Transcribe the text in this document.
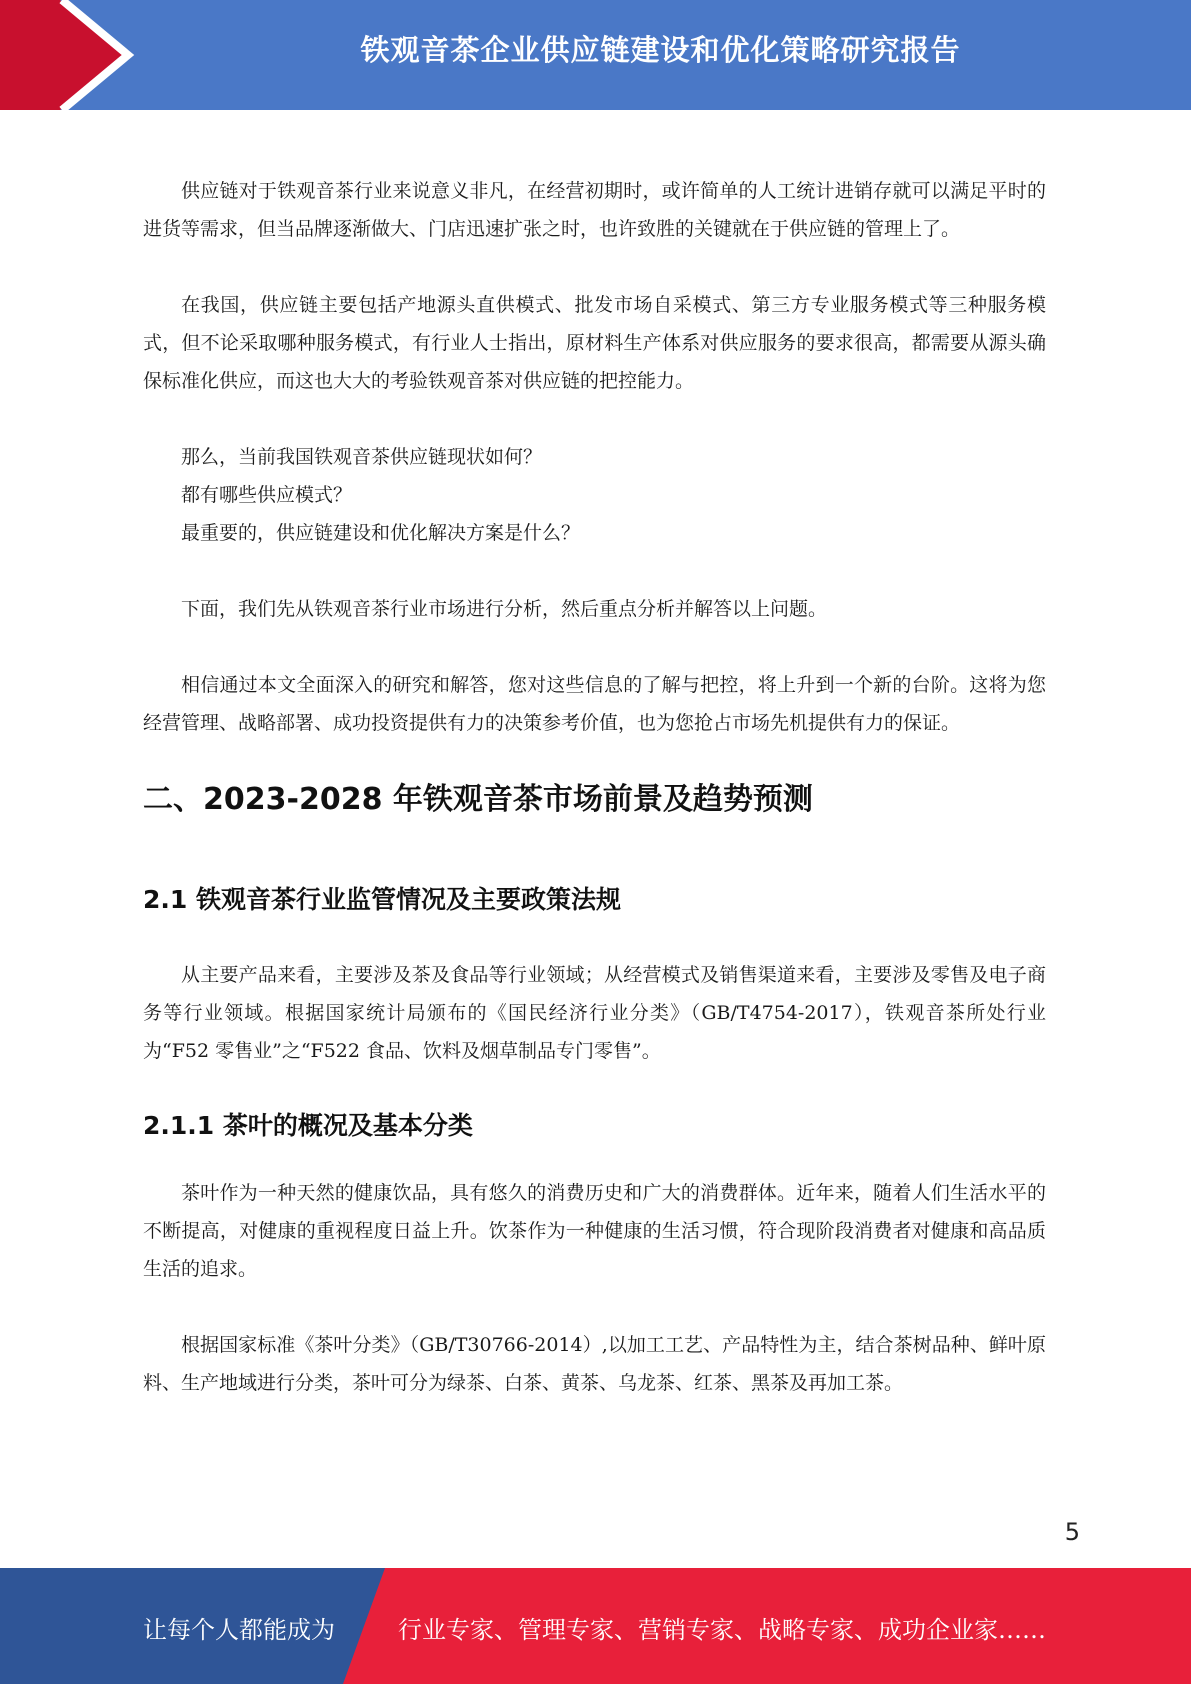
铁观音茶企业供应链建设和优化策略研究报告

供应链对于铁观音茶行业来说意义非凡，在经营初期时，或许简单的人工统计进销存就可以满足平时的进货等需求，但当品牌逐渐做大、门店迅速扩张之时，也许致胜的关键就在于供应链的管理上了。

在我国，供应链主要包括产地源头直供模式、批发市场自采模式、第三方专业服务模式等三种服务模式，但不论采取哪种服务模式，有行业人士指出，原材料生产体系对供应服务的要求很高，都需要从源头确保标准化供应，而这也大大的考验铁观音茶对供应链的把控能力。

那么，当前我国铁观音茶供应链现状如何？

都有哪些供应模式？

最重要的，供应链建设和优化解决方案是什么？

下面，我们先从铁观音茶行业市场进行分析，然后重点分析并解答以上问题。

相信通过本文全面深入的研究和解答，您对这些信息的了解与把控，将上升到一个新的台阶。这将为您经营管理、战略部署、成功投资提供有力的决策参考价值，也为您抢占市场先机提供有力的保证。

二、2023-2028 年铁观音茶市场前景及趋势预测
2.1 铁观音茶行业监管情况及主要政策法规

从主要产品来看，主要涉及茶及食品等行业领域；从经营模式及销售渠道来看，主要涉及零售及电子商务等行业领域。根据国家统计局颁布的《国民经济行业分类》（GB/T4754-2017），铁观音茶所处行业为“F52 零售业”之“F522 食品、饮料及烟草制品专门零售”。

2.1.1 茶叶的概况及基本分类

茶叶作为一种天然的健康饮品，具有悠久的消费历史和广大的消费群体。近年来，随着人们生活水平的不断提高，对健康的重视程度日益上升。饮茶作为一种健康的生活习惯，符合现阶段消费者对健康和高品质生活的追求。

根据国家标准《茶叶分类》（GB/T30766-2014）,以加工工艺、产品特性为主，结合茶树品种、鲜叶原料、生产地域进行分类，茶叶可分为绿茶、白茶、黄茶、乌龙茶、红茶、黑茶及再加工茶。

5
让每个人都能成为	行业专家、管理专家、营销专家、战略专家、成功企业家……
